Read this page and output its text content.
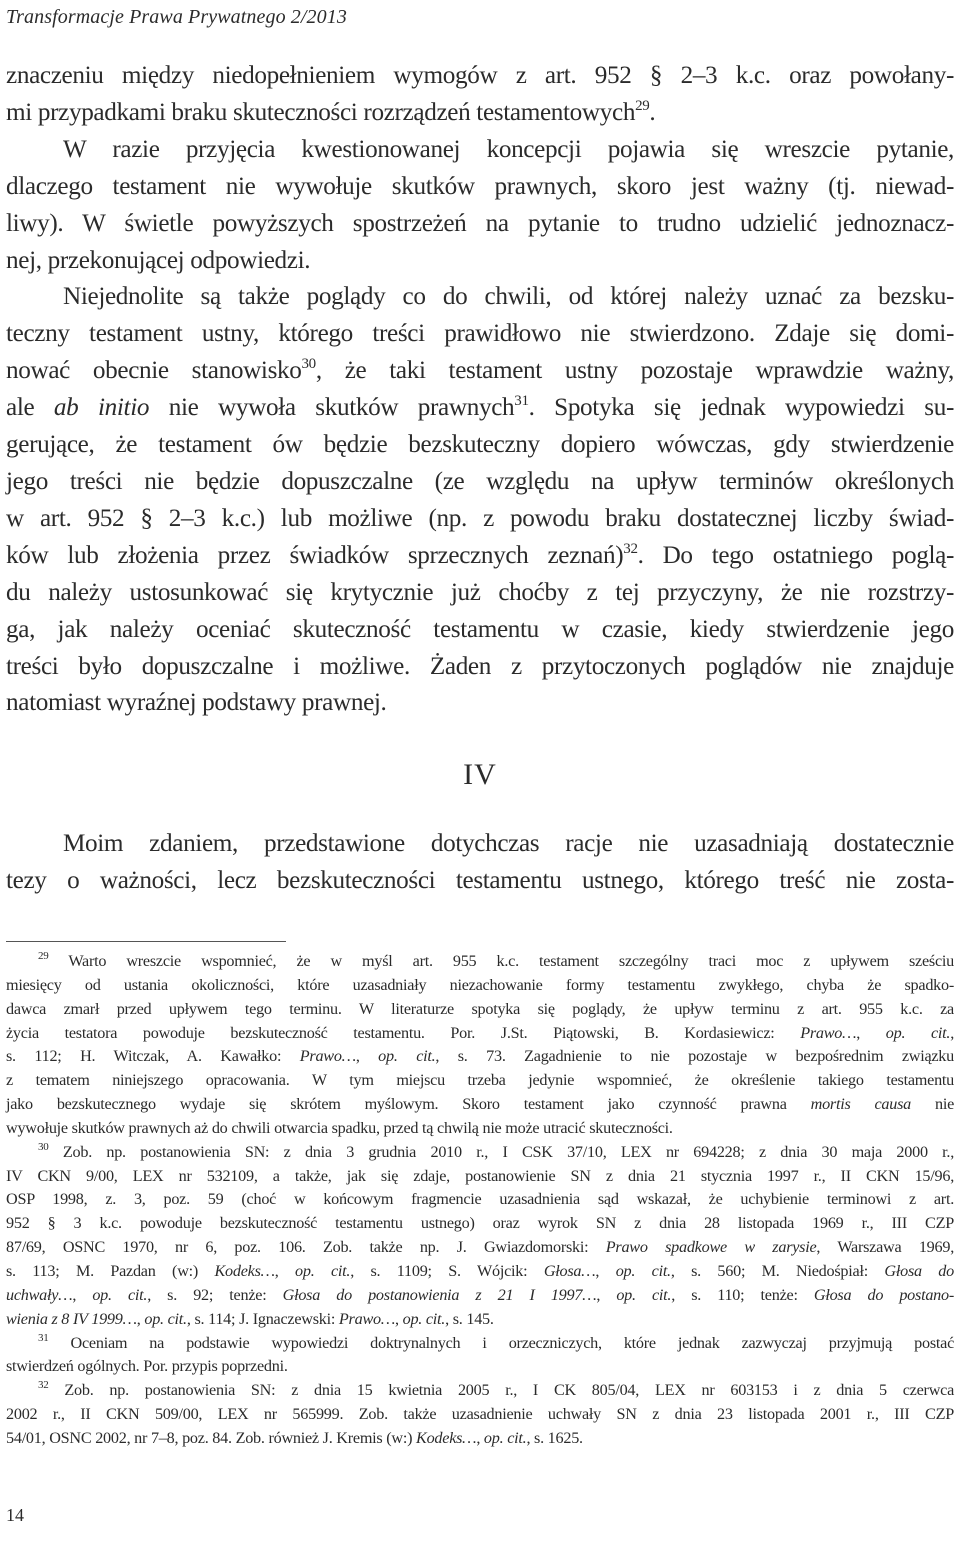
Transformacje Prawa Prywatnego 2/2013

znaczeniu między niedopełnieniem wymogów z art. 952 § 2–3 k.c. oraz powołany-

mi przypadkami braku skuteczności rozrządzeń testamentowych$^{29}$.

W razie przyjęcia kwestionowanej koncepcji pojawia się wreszcie pytanie,

dlaczego testament nie wywołuje skutków prawnych, skoro jest ważny (tj. niewad-

liwy). W świetle powyższych spostrzeżeń na pytanie to trudno udzielić jednoznacz-

nej, przekonującej odpowiedzi.

Niejednolite są także poglądy co do chwili, od której należy uznać za bezsku-

teczny testament ustny, którego treści prawidłowo nie stwierdzono. Zdaje się domi-

nować obecnie stanowisko$^{30}$, że taki testament ustny pozostaje wprawdzie ważny,

ale ab initio nie wywoła skutków prawnych$^{31}$. Spotyka się jednak wypowiedzi su-

gerujące, że testament ów będzie bezskuteczny dopiero wówczas, gdy stwierdzenie

jego treści nie będzie dopuszczalne (ze względu na upływ terminów określonych

w art. 952 § 2–3 k.c.) lub możliwe (np. z powodu braku dostatecznej liczby świad-

ków lub złożenia przez świadków sprzecznych zeznań)$^{32}$. Do tego ostatniego poglą-

du należy ustosunkować się krytycznie już choćby z tej przyczyny, że nie rozstrzy-

ga, jak należy oceniać skuteczność testamentu w czasie, kiedy stwierdzenie jego

treści było dopuszczalne i możliwe. Żaden z przytoczonych poglądów nie znajduje

natomiast wyraźnej podstawy prawnej.

IV

Moim zdaniem, przedstawione dotychczas racje nie uzasadniają dostatecznie

tezy o ważności, lecz bezskuteczności testamentu ustnego, którego treść nie zosta-

$^{29}$ Warto wreszcie wspomnieć, że w myśl art. 955 k.c. testament szczególny traci moc z upływem sześciu

miesięcy od ustania okoliczności, które uzasadniały niezachowanie formy testamentu zwykłego, chyba że spadko-

dawca zmarł przed upływem tego terminu. W literaturze spotyka się poglądy, że upływ terminu z art. 955 k.c. za

życia testatora powoduje bezskuteczność testamentu. Por. J.St. Piątowski, B. Kordasiewicz: Prawo…, op. cit.,

s. 112; H. Witczak, A. Kawałko: Prawo…, op. cit., s. 73. Zagadnienie to nie pozostaje w bezpośrednim związku

z tematem niniejszego opracowania. W tym miejscu trzeba jedynie wspomnieć, że określenie takiego testamentu

jako bezskutecznego wydaje się skrótem myślowym. Skoro testament jako czynność prawna mortis causa nie

wywołuje skutków prawnych aż do chwili otwarcia spadku, przed tą chwilą nie może utracić skuteczności.

$^{30}$ Zob. np. postanowienia SN: z dnia 3 grudnia 2010 r., I CSK 37/10, LEX nr 694228; z dnia 30 maja 2000 r.,

IV CKN 9/00, LEX nr 532109, a także, jak się zdaje, postanowienie SN z dnia 21 stycznia 1997 r., II CKN 15/96,

OSP 1998, z. 3, poz. 59 (choć w końcowym fragmencie uzasadnienia sąd wskazał, że uchybienie terminowi z art.

952 § 3 k.c. powoduje bezskuteczność testamentu ustnego) oraz wyrok SN z dnia 28 listopada 1969 r., III CZP

87/69, OSNC 1970, nr 6, poz. 106. Zob. także np. J. Gwiazdomorski: Prawo spadkowe w zarysie, Warszawa 1969,

s. 113; M. Pazdan (w:) Kodeks…, op. cit., s. 1109; S. Wójcik: Głosa…, op. cit., s. 560; M. Niedośpiał: Głosa do

uchwały…, op. cit., s. 92; tenże: Głosa do postanowienia z 21 I 1997…, op. cit., s. 110; tenże: Głosa do postano-

wienia z 8 IV 1999…, op. cit., s. 114; J. Ignaczewski: Prawo…, op. cit., s. 145.

$^{31}$ Oceniam na podstawie wypowiedzi doktrynalnych i orzeczniczych, które jednak zazwyczaj przyjmują postać

stwierdzeń ogólnych. Por. przypis poprzedni.

$^{32}$ Zob. np. postanowienia SN: z dnia 15 kwietnia 2005 r., I CK 805/04, LEX nr 603153 i z dnia 5 czerwca

2002 r., II CKN 509/00, LEX nr 565999. Zob. także uzasadnienie uchwały SN z dnia 23 listopada 2001 r., III CZP

54/01, OSNC 2002, nr 7–8, poz. 84. Zob. również J. Kremis (w:) Kodeks…, op. cit., s. 1625.

14
